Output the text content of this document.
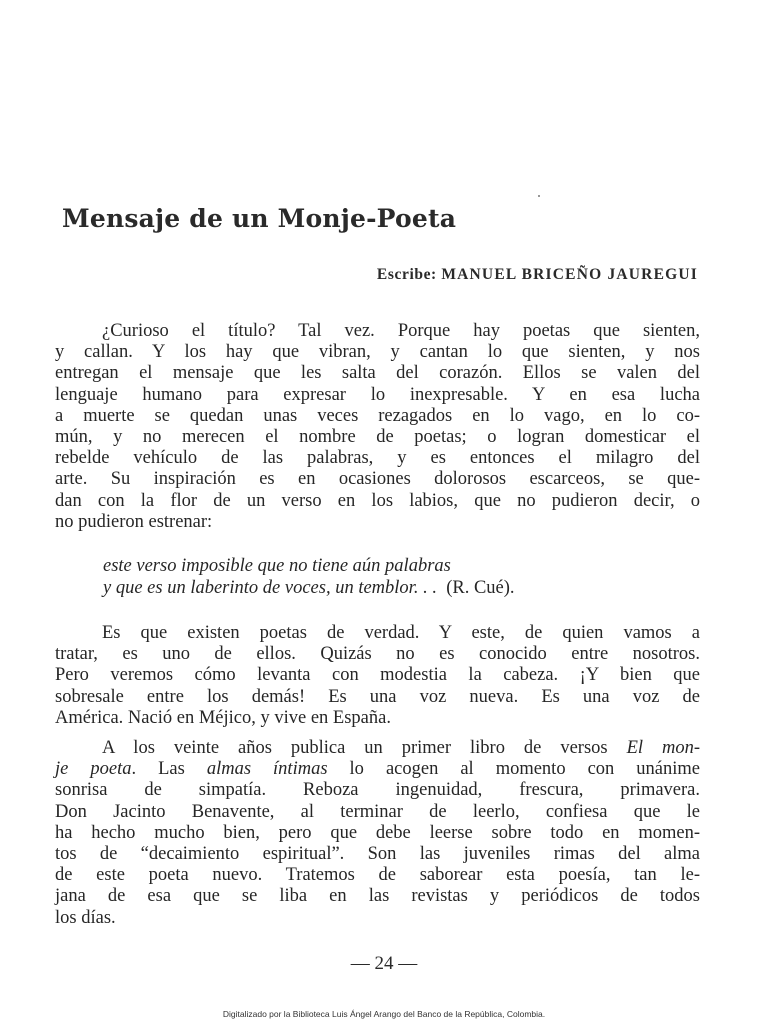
Mensaje de un Monje-Poeta
Escribe: MANUEL BRICEÑO JAUREGUI

¿Curioso el título? Tal vez. Porque hay poetas que sienten,
y callan. Y los hay que vibran, y cantan lo que sienten, y nos
entregan el mensaje que les salta del corazón. Ellos se valen del
lenguaje humano para expresar lo inexpresable. Y en esa lucha
a muerte se quedan unas veces rezagados en lo vago, en lo co-
mún, y no merecen el nombre de poetas; o logran domesticar el
rebelde vehículo de las palabras, y es entonces el milagro del
arte. Su inspiración es en ocasiones dolorosos escarceos, se que-
dan con la flor de un verso en los labios, que no pudieron decir, o
no pudieron estrenar:

este verso imposible que no tiene aún palabras
y que es un laberinto de voces, un temblor. . . (R. Cué).

Es que existen poetas de verdad. Y este, de quien vamos a
tratar, es uno de ellos. Quizás no es conocido entre nosotros.
Pero veremos cómo levanta con modestia la cabeza. ¡Y bien que
sobresale entre los demás! Es una voz nueva. Es una voz de
América. Nació en Méjico, y vive en España.

A los veinte años publica un primer libro de versos El mon-
je poeta. Las almas íntimas lo acogen al momento con unánime
sonrisa de simpatía. Reboza ingenuidad, frescura, primavera.
Don Jacinto Benavente, al terminar de leerlo, confiesa que le
ha hecho mucho bien, pero que debe leerse sobre todo en momen-
tos de “decaimiento espiritual”. Son las juveniles rimas del alma
de este poeta nuevo. Tratemos de saborear esta poesía, tan le-
jana de esa que se liba en las revistas y periódicos de todos
los días.

— 24 —
Digitalizado por la Biblioteca Luis Ángel Arango del Banco de la República, Colombia.
